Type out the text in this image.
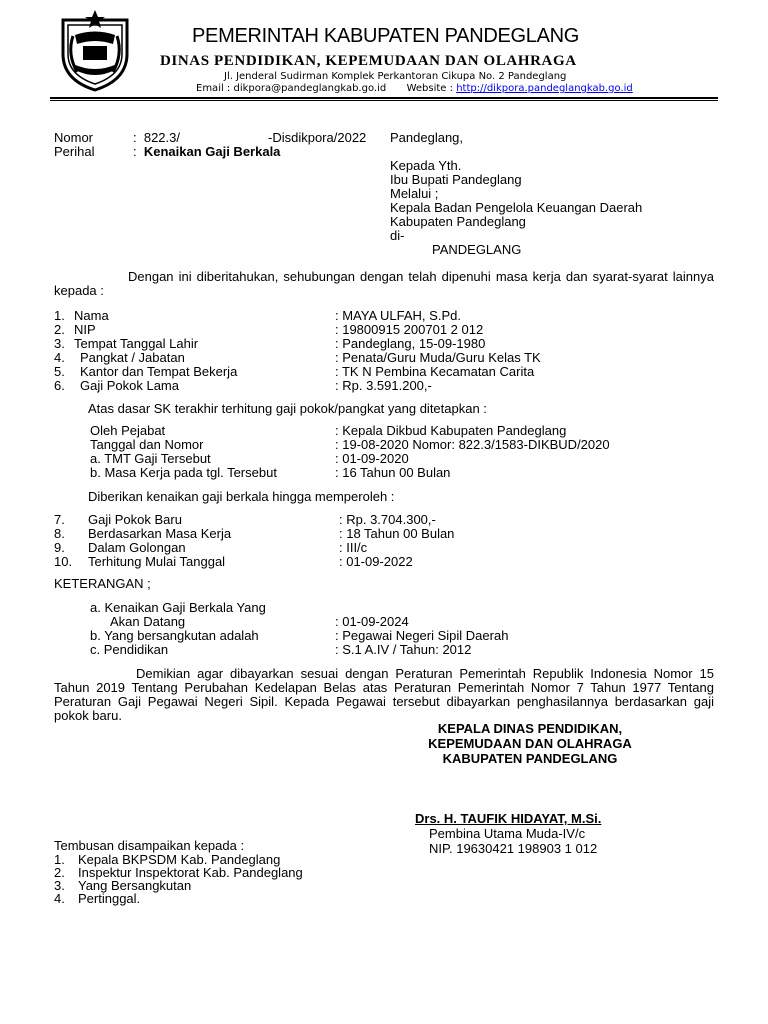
PEMERINTAH KABUPATEN PANDEGLANG
DINAS PENDIDIKAN, KEPEMUDAAN DAN OLAHRAGA
Jl. Jenderal Sudirman Komplek Perkantoran Cikupa No. 2 Pandeglang
Email : dikpora@pandeglangkab.go.id Website : http://dikpora.pandeglangkab.go.id
Nomor	:  822.3/	-Disdikpora/2022
Perihal	:  Kenaikan Gaji Berkala
Pandeglang,
Kepada Yth.
Ibu Bupati Pandeglang
Melalui ;
Kepala Badan Pengelola Keuangan Daerah
Kabupaten Pandeglang
di-
PANDEGLANG
Dengan ini diberitahukan, sehubungan dengan telah dipenuhi masa kerja dan syarat-syarat lainnya kepada :
1. Nama	: MAYA ULFAH, S.Pd.
2. NIP	: 19800915 200701 2 012
3. Tempat Tanggal Lahir	: Pandeglang, 15-09-1980
4. Pangkat / Jabatan	: Penata/Guru Muda/Guru Kelas TK
5. Kantor dan Tempat Bekerja	: TK N Pembina Kecamatan Carita
6. Gaji Pokok Lama	: Rp. 3.591.200,-
Atas dasar SK terakhir terhitung gaji pokok/pangkat yang ditetapkan :
Oleh Pejabat	: Kepala Dikbud Kabupaten Pandeglang
Tanggal dan Nomor	: 19-08-2020 Nomor: 822.3/1583-DIKBUD/2020
a. TMT Gaji Tersebut	: 01-09-2020
b. Masa Kerja pada tgl. Tersebut	: 16 Tahun 00 Bulan
Diberikan kenaikan gaji berkala hingga memperoleh :
7. Gaji Pokok Baru	: Rp. 3.704.300,-
8. Berdasarkan Masa Kerja	: 18 Tahun 00 Bulan
9. Dalam Golongan	: III/c
10. Terhitung Mulai Tanggal	: 01-09-2022
KETERANGAN ;
a. Kenaikan Gaji Berkala Yang
Akan Datang	: 01-09-2024
b. Yang bersangkutan adalah	: Pegawai Negeri Sipil Daerah
c. Pendidikan	: S.1 A.IV / Tahun: 2012
Demikian agar dibayarkan sesuai dengan Peraturan Pemerintah Republik Indonesia Nomor 15 Tahun 2019 Tentang Perubahan Kedelapan Belas atas Peraturan Pemerintah Nomor 7 Tahun 1977 Tentang Peraturan Gaji Pegawai Negeri Sipil. Kepada Pegawai tersebut dibayarkan penghasilannya berdasarkan gaji pokok baru.
KEPALA DINAS PENDIDIKAN,
KEPEMUDAAN DAN OLAHRAGA
KABUPATEN PANDEGLANG
Drs. H. TAUFIK HIDAYAT, M.Si.
Pembina Utama Muda-IV/c
NIP. 19630421 198903 1 012
Tembusan disampaikan kepada :
1. Kepala BKPSDM Kab. Pandeglang
2. Inspektur Inspektorat Kab. Pandeglang
3. Yang Bersangkutan
4. Pertinggal.
